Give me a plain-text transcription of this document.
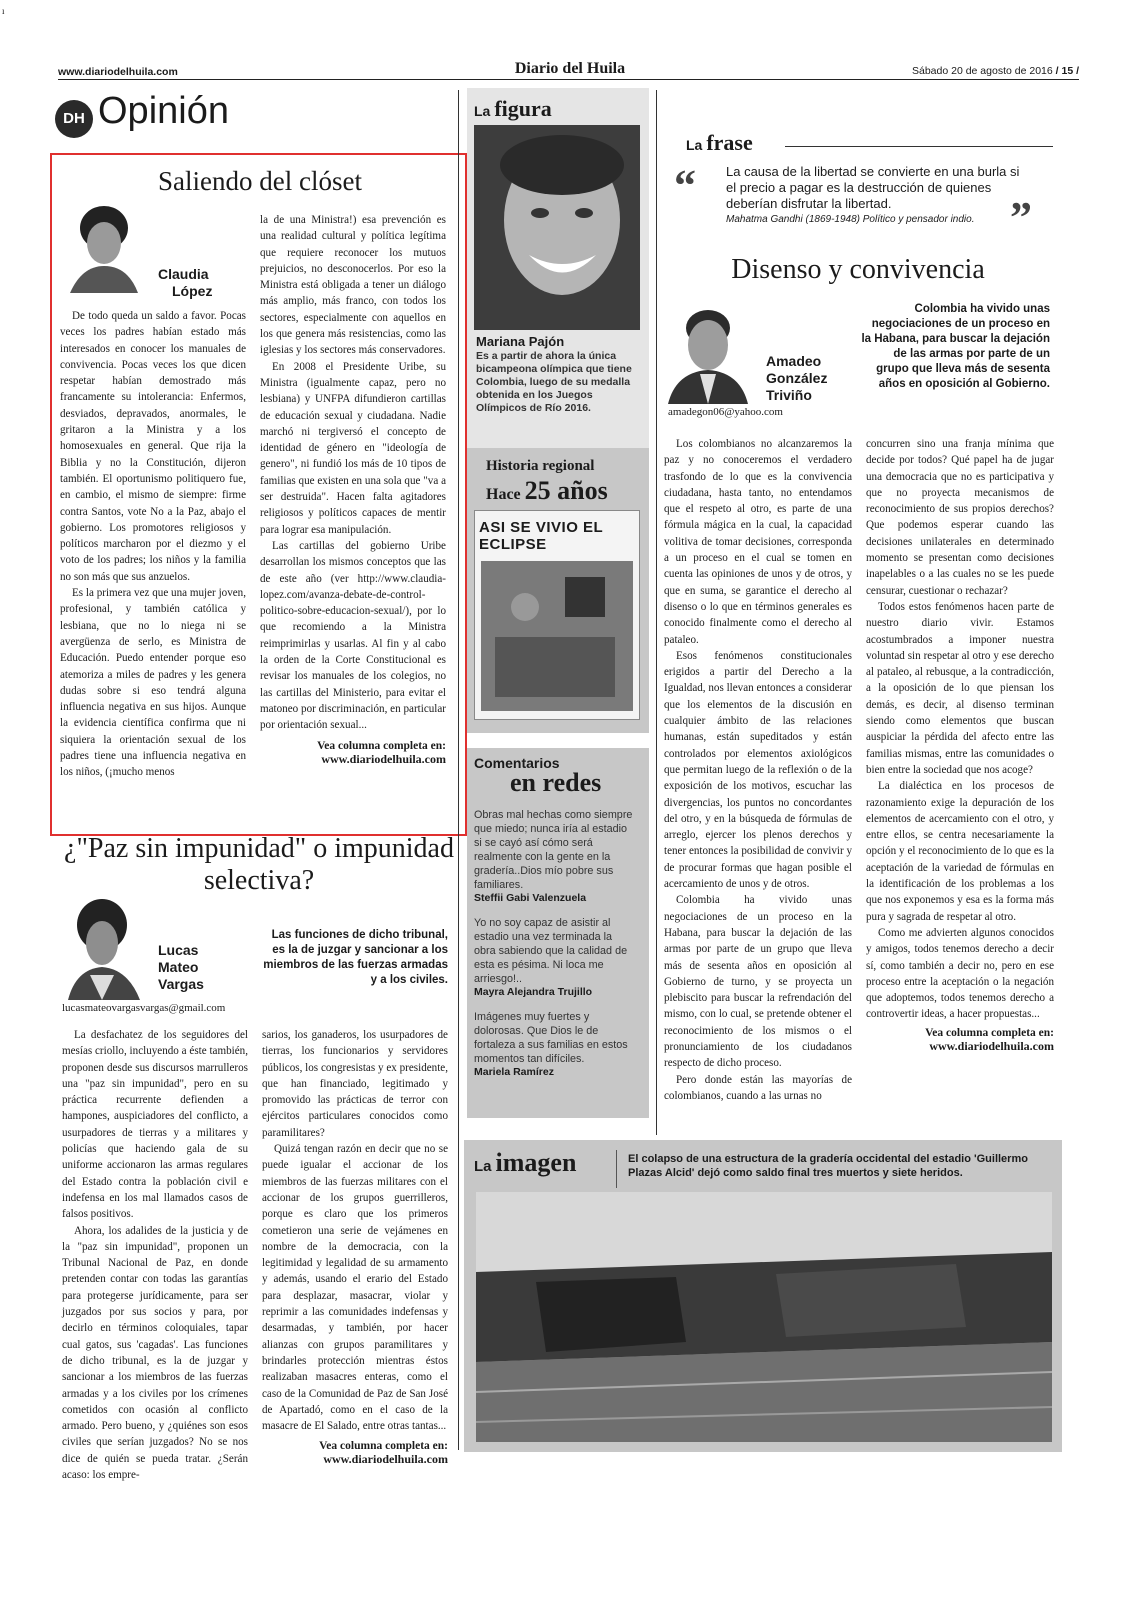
www.diariodelhuila.com	Diario del Huila	Sábado 20 de agosto de 2016 / 15 /
DH Opinión
Saliendo del clóset
Claudia
López

De todo queda un saldo a favor. Pocas veces los padres habían estado más interesados en conocer los manuales de convivencia. Pocas veces los que dicen respetar habían demostrado más francamente su intolerancia: Enfermos, desviados, depravados, anormales, le gritaron a la Ministra y a los homosexuales en general. Que rija la Biblia y no la Constitución, dijeron también. El oportunismo politiquero fue, en cambio, el mismo de siempre: firme contra Santos, vote No a la Paz, abajo el gobierno. Los promotores religiosos y políticos marcharon por el diezmo y el voto de los padres; los niños y la familia no son más que sus anzuelos.

Es la primera vez que una mujer joven, profesional, y también católica y lesbiana, que no lo niega ni se avergüenza de serlo, es Ministra de Educación. Puedo entender porque eso atemoriza a miles de padres y les genera dudas sobre si eso tendrá alguna influencia negativa en sus hijos. Aunque la evidencia científica confirma que ni siquiera la orientación sexual de los padres tiene una influencia negativa en los niños, (¡mucho menos

la de una Ministra!) esa prevención es una realidad cultural y política legítima que requiere reconocer los mutuos prejuicios, no desconocerlos. Por eso la Ministra está obligada a tener un diálogo más amplio, más franco, con todos los sectores, especialmente con aquellos en los que genera más resistencias, como las iglesias y los sectores más conservadores.

En 2008 el Presidente Uribe, su Ministra (igualmente capaz, pero no lesbiana) y UNFPA difundieron cartillas de educación sexual y ciudadana. Nadie marchó ni tergiversó el concepto de identidad de género en "ideología de genero", ni fundió los más de 10 tipos de familias que existen en una sola que "va a ser destruida". Hacen falta agitadores religiosos y políticos capaces de mentir para lograr esa manipulación.

Las cartillas del gobierno Uribe desarrollan los mismos conceptos que las de este año (ver http://www.claudia-lopez.com/avanza-debate-de-control-politico-sobre-educacion-sexual/), por lo que recomiendo a la Ministra reimprimirlas y usarlas. Al fin y al cabo la orden de la Corte Constitucional es revisar los manuales de los colegios, no las cartillas del Ministerio, para evitar el matoneo por discriminación, en particular por orientación sexual...

Vea columna completa en:
www.diariodelhuila.com
¿"Paz sin impunidad" o impunidad selectiva?
Lucas
Mateo
Vargas
lucasmateovargasvargas@gmail.com
Las funciones de dicho tribunal, es la de juzgar y sancionar a los miembros de las fuerzas armadas y a los civiles.

La desfachatez de los seguidores del mesías criollo, incluyendo a éste también, proponen desde sus discursos marrulleros una "paz sin impunidad", pero en su práctica recurrente defienden a hampones, auspiciadores del conflicto, a usurpadores de tierras y a militares y policías que haciendo gala de su uniforme accionaron las armas regulares del Estado contra la población civil e indefensa en los mal llamados casos de falsos positivos.

Ahora, los adalides de la justicia y de la "paz sin impunidad", proponen un Tribunal Nacional de Paz, en donde pretenden contar con todas las garantías para protegerse jurídicamente, para ser juzgados por sus socios y para, por decirlo en términos coloquiales, tapar cual gatos, sus 'cagadas'. Las funciones de dicho tribunal, es la de juzgar y sancionar a los miembros de las fuerzas armadas y a los civiles por los crímenes cometidos con ocasión al conflicto armado. Pero bueno, y ¿quiénes son esos civiles que serían juzgados? No se nos dice de quién se pueda tratar. ¿Serán acaso: los empre-

sarios, los ganaderos, los usurpadores de tierras, los funcionarios y servidores públicos, los congresistas y ex presidente, que han financiado, legitimado y promovido las prácticas de terror con ejércitos particulares conocidos como paramilitares?

Quizá tengan razón en decir que no se puede igualar el accionar de los miembros de las fuerzas militares con el accionar de los grupos guerrilleros, porque es claro que los primeros cometieron una serie de vejámenes en nombre de la democracia, con la legitimidad y legalidad de su armamento y además, usando el erario del Estado para desplazar, masacrar, violar y reprimir a las comunidades indefensas y desarmadas, y también, por hacer alianzas con grupos paramilitares y brindarles protección mientras éstos realizaban masacres enteras, como el caso de la Comunidad de Paz de San José de Apartadó, como en el caso de la masacre de El Salado, entre otras tantas...

Vea columna completa en:
www.diariodelhuila.com
La figura
Mariana Pajón
Es a partir de ahora la única bicampeona olímpica que tiene Colombia, luego de su medalla obtenida en los Juegos Olímpicos de Río 2016.
Historia regional
Hace 25 años
ASI SE VIVIO EL ECLIPSE
Comentarios
en redes
Obras mal hechas como siempre que miedo; nunca iría al estadio si se cayó así cómo será realmente con la gente en la gradería..Dios mío pobre sus familiares.
Steffii Gabi Valenzuela
Yo no soy capaz de asistir al estadio una vez terminada la obra sabiendo que la calidad de esta es pésima. Ni loca me arriesgo!..
Mayra Alejandra Trujillo
Imágenes muy fuertes y dolorosas. Que Dios le de fortaleza a sus familias en estos momentos tan difíciles.
Mariela Ramírez
La frase
“
”
La causa de la libertad se convierte en una burla si el precio a pagar es la destrucción de quienes deberían disfrutar la libertad.
Mahatma Gandhi (1869-1948) Político y pensador indio.
Disenso y convivencia
Amadeo
González
Triviño
amadegon06@yahoo.com
Colombia ha vivido unas negociaciones de un proceso en la Habana, para buscar la dejación de las armas por parte de un grupo que lleva más de sesenta años en oposición al Gobierno.

Los colombianos no alcanzaremos la paz y no conoceremos el verdadero trasfondo de lo que es la convivencia ciudadana, hasta tanto, no entendamos que el respeto al otro, es parte de una fórmula mágica en la cual, la capacidad volitiva de tomar decisiones, corresponda a un proceso en el cual se tomen en cuenta las opiniones de unos y de otros, y que en suma, se garantice el derecho al disenso o lo que en términos generales es conocido finalmente como el derecho al pataleo.

Esos fenómenos constitucionales erigidos a partir del Derecho a la Igualdad, nos llevan entonces a considerar que los elementos de la discusión en cualquier ámbito de las relaciones humanas, están supeditados y están controlados por elementos axiológicos que permitan luego de la reflexión o de la exposición de los motivos, escuchar las divergencias, los puntos no concordantes del otro, y en la búsqueda de fórmulas de arreglo, ejercer los plenos derechos y tener entonces la posibilidad de convivir y de procurar formas que hagan posible el acercamiento de unos y de otros.

Colombia ha vivido unas negociaciones de un proceso en la Habana, para buscar la dejación de las armas por parte de un grupo que lleva más de sesenta años en oposición al Gobierno de turno, y se proyecta un plebiscito para buscar la refrendación del mismo, con lo cual, se pretende obtener el reconocimiento de los mismos o el pronunciamiento de los ciudadanos respecto de dicho proceso.

Pero donde están las mayorías de colombianos, cuando a las urnas no

concurren sino una franja mínima que decide por todos? Qué papel ha de jugar una democracia que no es participativa y que no proyecta mecanismos de reconocimiento de sus propios derechos? Que podemos esperar cuando las decisiones unilaterales en determinado momento se presentan como decisiones inapelables o a las cuales no se les puede censurar, cuestionar o rechazar?

Todos estos fenómenos hacen parte de nuestro diario vivir. Estamos acostumbrados a imponer nuestra voluntad sin respetar al otro y ese derecho al pataleo, al rebusque, a la contradicción, a la oposición de lo que piensan los demás, es decir, al disenso terminan siendo como elementos que buscan auspiciar la pérdida del afecto entre las familias mismas, entre las comunidades o bien entre la sociedad que nos acoge?

La dialéctica en los procesos de razonamiento exige la depuración de los elementos de acercamiento con el otro, y entre ellos, se centra necesariamente la opción y el reconocimiento de lo que es la aceptación de la variedad de fórmulas en la identificación de los problemas a los que nos exponemos y esa es la forma más pura y sagrada de respetar al otro.

Como me advierten algunos conocidos y amigos, todos tenemos derecho a decir sí, como también a decir no, pero en ese proceso entre la aceptación o la negación que adoptemos, todos tenemos derecho a controvertir ideas, a hacer propuestas...

Vea columna completa en:
www.diariodelhuila.com
La imagen	El colapso de una estructura de la gradería occidental del estadio 'Guillermo Plazas Alcid' dejó como saldo final tres muertos y siete heridos.
ı
